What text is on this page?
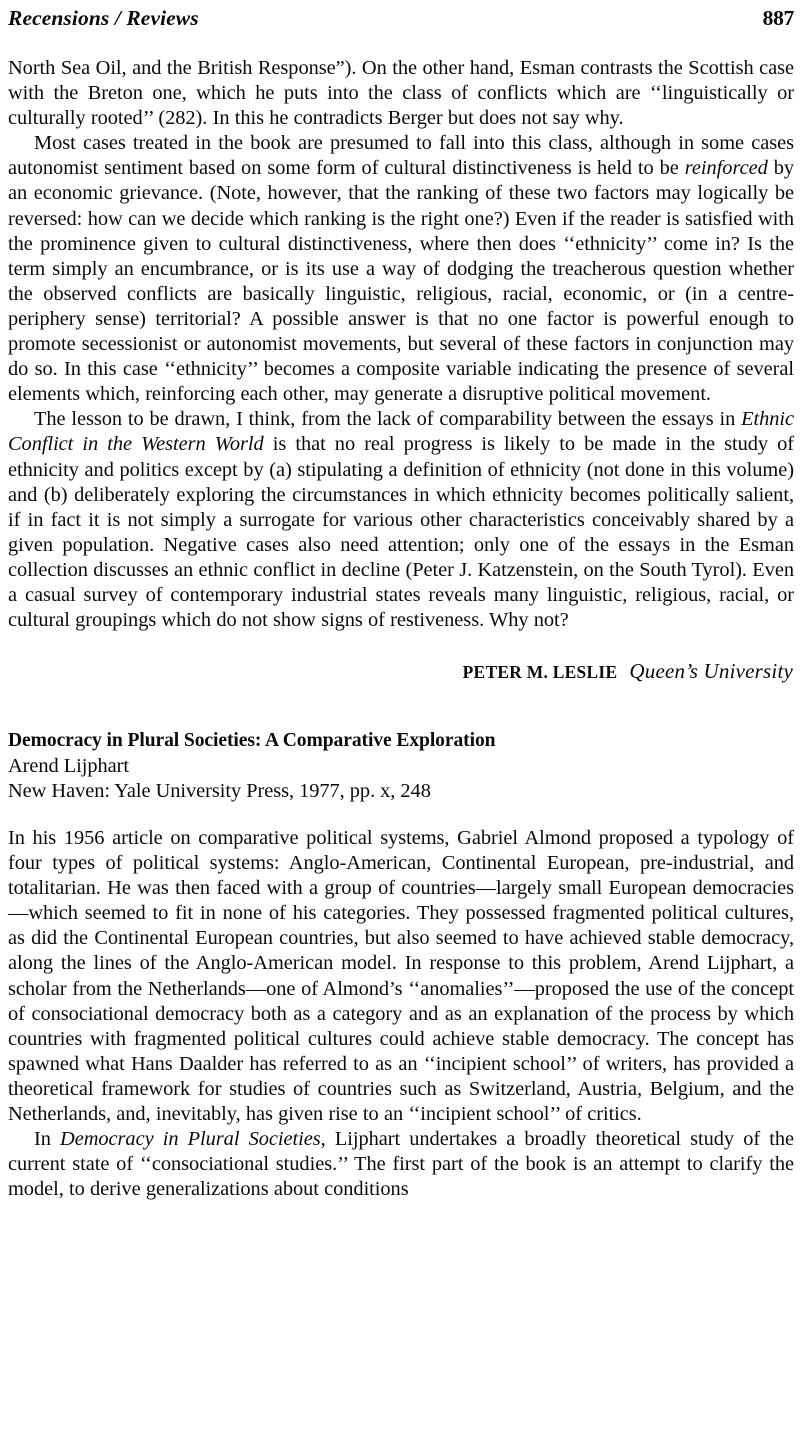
Recensions / Reviews	887

North Sea Oil, and the British Response”). On the other hand, Esman contrasts the Scottish case with the Breton one, which he puts into the class of conflicts which are ‘‘linguistically or culturally rooted’’ (282). In this he contradicts Berger but does not say why.

Most cases treated in the book are presumed to fall into this class, although in some cases autonomist sentiment based on some form of cultural distinctiveness is held to be reinforced by an economic grievance. (Note, however, that the ranking of these two factors may logically be reversed: how can we decide which ranking is the right one?) Even if the reader is satisfied with the prominence given to cultural distinctiveness, where then does ‘‘ethnicity’’ come in? Is the term simply an encumbrance, or is its use a way of dodging the treacherous question whether the observed conflicts are basically linguistic, religious, racial, economic, or (in a centre-periphery sense) territorial? A possible answer is that no one factor is powerful enough to promote secessionist or autonomist movements, but several of these factors in conjunction may do so. In this case ‘‘ethnicity’’ becomes a composite variable indicating the presence of several elements which, reinforcing each other, may generate a disruptive political movement.

The lesson to be drawn, I think, from the lack of comparability between the essays in Ethnic Conflict in the Western World is that no real progress is likely to be made in the study of ethnicity and politics except by (a) stipulating a definition of ethnicity (not done in this volume) and (b) deliberately exploring the circumstances in which ethnicity becomes politically salient, if in fact it is not simply a surrogate for various other characteristics conceivably shared by a given population. Negative cases also need attention; only one of the essays in the Esman collection discusses an ethnic conflict in decline (Peter J. Katzenstein, on the South Tyrol). Even a casual survey of contemporary industrial states reveals many linguistic, religious, racial, or cultural groupings which do not show signs of restiveness. Why not?

PETER M. LESLIE Queen’s University
Democracy in Plural Societies: A Comparative Exploration
Arend Lijphart
New Haven: Yale University Press, 1977, pp. x, 248

In his 1956 article on comparative political systems, Gabriel Almond proposed a typology of four types of political systems: Anglo-American, Continental European, pre-industrial, and totalitarian. He was then faced with a group of countries—largely small European democracies—which seemed to fit in none of his categories. They possessed fragmented political cultures, as did the Continental European countries, but also seemed to have achieved stable democracy, along the lines of the Anglo-American model. In response to this problem, Arend Lijphart, a scholar from the Netherlands—one of Almond’s ‘‘anomalies’’—proposed the use of the concept of consociational democracy both as a category and as an explanation of the process by which countries with fragmented political cultures could achieve stable democracy. The concept has spawned what Hans Daalder has referred to as an ‘‘incipient school’’ of writers, has provided a theoretical framework for studies of countries such as Switzerland, Austria, Belgium, and the Netherlands, and, inevitably, has given rise to an ‘‘incipient school’’ of critics.

In Democracy in Plural Societies, Lijphart undertakes a broadly theoretical study of the current state of ‘‘consociational studies.’’ The first part of the book is an attempt to clarify the model, to derive generalizations about conditions
